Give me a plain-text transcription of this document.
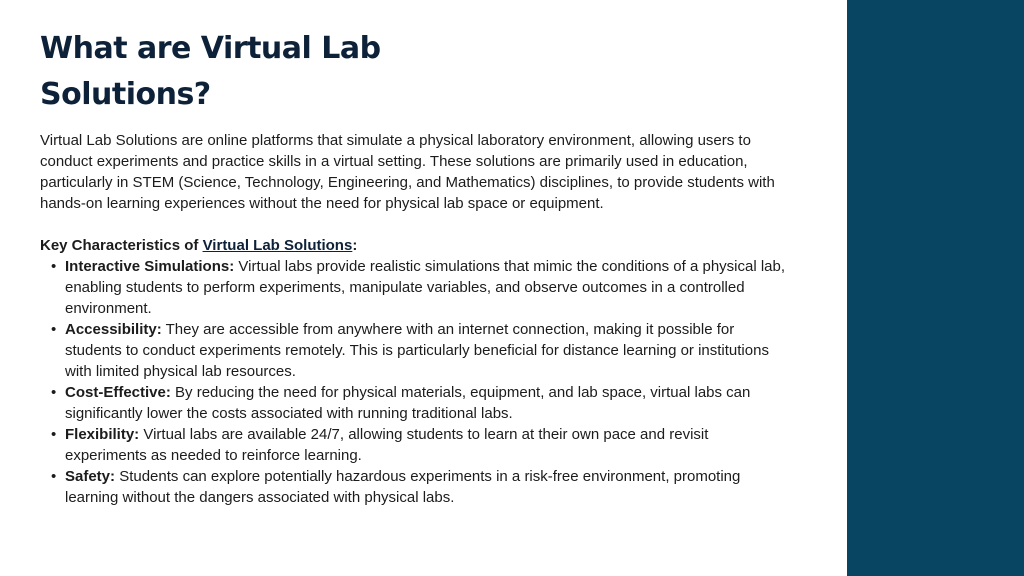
What are Virtual Lab Solutions?

Virtual Lab Solutions are online platforms that simulate a physical laboratory environment, allowing users to conduct experiments and practice skills in a virtual setting. These solutions are primarily used in education, particularly in STEM (Science, Technology, Engineering, and Mathematics) disciplines, to provide students with hands-on learning experiences without the need for physical lab space or equipment.

Key Characteristics of Virtual Lab Solutions:

• Interactive Simulations: Virtual labs provide realistic simulations that mimic the conditions of a physical lab, enabling students to perform experiments, manipulate variables, and observe outcomes in a controlled environment.
• Accessibility: They are accessible from anywhere with an internet connection, making it possible for students to conduct experiments remotely. This is particularly beneficial for distance learning or institutions with limited physical lab resources.
• Cost-Effective: By reducing the need for physical materials, equipment, and lab space, virtual labs can significantly lower the costs associated with running traditional labs.
• Flexibility: Virtual labs are available 24/7, allowing students to learn at their own pace and revisit experiments as needed to reinforce learning.
• Safety: Students can explore potentially hazardous experiments in a risk-free environment, promoting learning without the dangers associated with physical labs.
